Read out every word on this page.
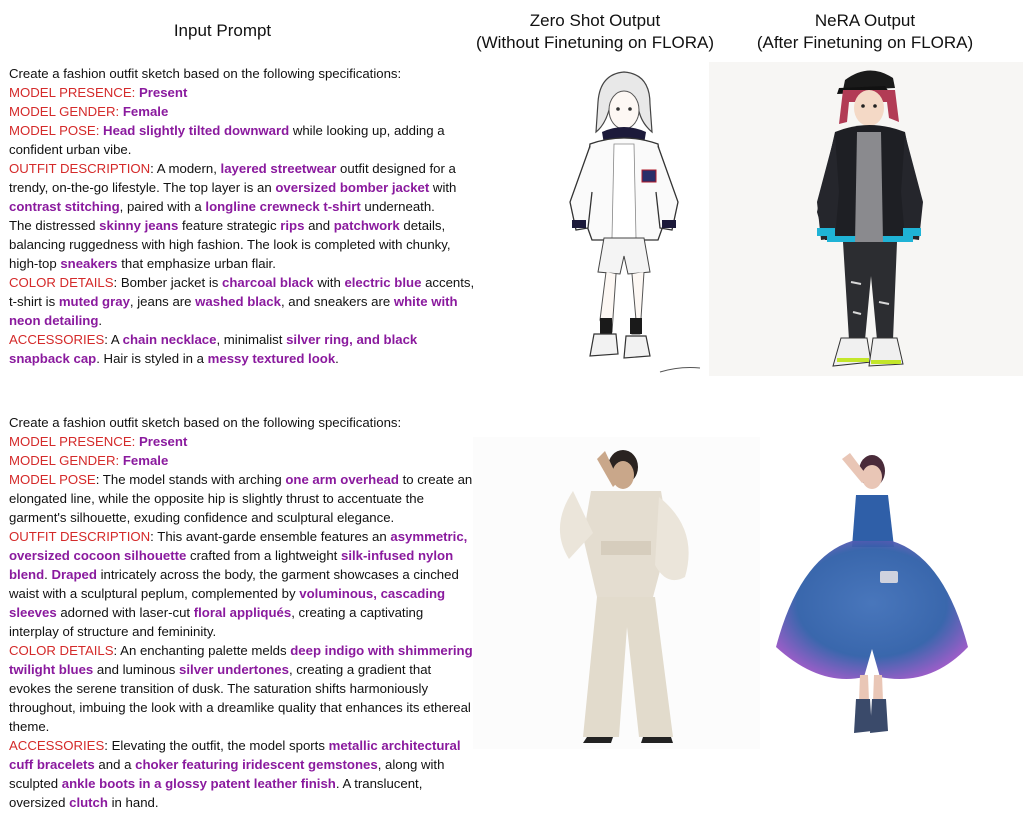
Input Prompt
Zero Shot Output
(Without Finetuning on FLORA)
NeRA Output
(After Finetuning on FLORA)
Create a fashion outfit sketch based on the following specifications:
MODEL PRESENCE: Present
MODEL GENDER: Female
MODEL POSE: Head slightly tilted downward while looking up, adding a
confident urban vibe.
OUTFIT DESCRIPTION: A modern, layered streetwear outfit designed for a
trendy, on-the-go lifestyle. The top layer is an oversized bomber jacket with
contrast stitching, paired with a longline crewneck t-shirt underneath.
The distressed skinny jeans feature strategic rips and patchwork details,
balancing ruggedness with high fashion. The look is completed with chunky,
high-top sneakers that emphasize urban flair.
COLOR DETAILS: Bomber jacket is charcoal black with electric blue accents,
t-shirt is muted gray, jeans are washed black, and sneakers are white with
neon detailing.
ACCESSORIES: A chain necklace, minimalist silver ring, and black
snapback cap. Hair is styled in a messy textured look.
Create a fashion outfit sketch based on the following specifications:
MODEL PRESENCE: Present
MODEL GENDER: Female
MODEL POSE: The model stands with arching one arm overhead to create an
elongated line, while the opposite hip is slightly thrust to accentuate the
garment's silhouette, exuding confidence and sculptural elegance.
OUTFIT DESCRIPTION: This avant-garde ensemble features an asymmetric,
oversized cocoon silhouette crafted from a lightweight silk-infused nylon
blend. Draped intricately across the body, the garment showcases a cinched
waist with a sculptural peplum, complemented by voluminous, cascading
sleeves adorned with laser-cut floral appliqués, creating a captivating
interplay of structure and femininity.
COLOR DETAILS: An enchanting palette melds deep indigo with shimmering
twilight blues and luminous silver undertones, creating a gradient that
evokes the serene transition of dusk. The saturation shifts harmoniously
throughout, imbuing the look with a dreamlike quality that enhances its ethereal
theme.
ACCESSORIES: Elevating the outfit, the model sports metallic architectural
cuff bracelets and a choker featuring iridescent gemstones, along with
sculpted ankle boots in a glossy patent leather finish. A translucent,
oversized clutch in hand.
